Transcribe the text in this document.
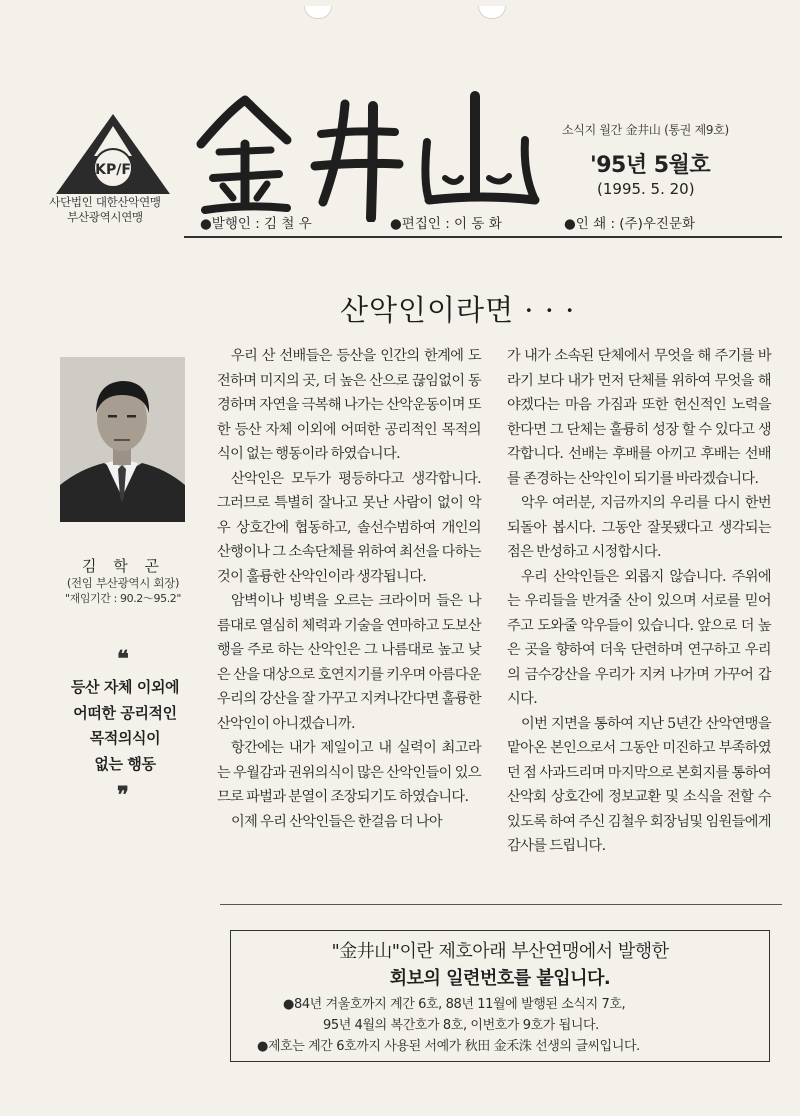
KP/F
사단법인 대한산악연맹
부산광역시연맹
소식지 월간 金井山 (통권 제9호)
'95년 5월호
(1995. 5. 20)
●발행인 : 김 철 우	●편집인 : 이 동 화	●인 쇄 : (주)우진문화
산악인이라면 · · ·
김 학 곤
(전임 부산광역시 회장)
"재임기간 : 90.2～95.2"
❝
등산 자체 이외에
어떠한 공리적인
목적의식이
없는 행동
❞

우리 산 선배들은 등산을 인간의 한계에 도전하며 미지의 곳, 더 높은 산으로 끊임없이 동경하며 자연을 극복해 나가는 산악운동이며 또한 등산 자체 이외에 어떠한 공리적인 목적의식이 없는 행동이라 하였습니다.

산악인은 모두가 평등하다고 생각합니다. 그러므로 특별히 잘나고 못난 사람이 없이 악우 상호간에 협동하고, 솔선수범하여 개인의 산행이나 그 소속단체를 위하여 최선을 다하는 것이 훌륭한 산악인이라 생각됩니다.

암벽이나 빙벽을 오르는 크라이머 들은 나름대로 열심히 체력과 기술을 연마하고 도보산행을 주로 하는 산악인은 그 나름대로 높고 낮은 산을 대상으로 호연지기를 키우며 아름다운 우리의 강산을 잘 가꾸고 지켜나간다면 훌륭한 산악인이 아니겠습니까.

항간에는 내가 제일이고 내 실력이 최고라는 우월감과 권위의식이 많은 산악인들이 있으므로 파벌과 분열이 조장되기도 하였습니다.

이제 우리 산악인들은 한걸음 더 나아

가 내가 소속된 단체에서 무엇을 해 주기를 바라기 보다 내가 먼저 단체를 위하여 무엇을 해야겠다는 마음 가짐과 또한 헌신적인 노력을 한다면 그 단체는 훌륭히 성장 할 수 있다고 생각합니다. 선배는 후배를 아끼고 후배는 선배를 존경하는 산악인이 되기를 바라겠습니다.

악우 여러분, 지금까지의 우리를 다시 한번 되돌아 봅시다. 그동안 잘못됐다고 생각되는 점은 반성하고 시정합시다.

우리 산악인들은 외롭지 않습니다. 주위에는 우리들을 반겨줄 산이 있으며 서로를 믿어주고 도와줄 악우들이 있습니다. 앞으로 더 높은 곳을 향하여 더욱 단련하며 연구하고 우리의 금수강산을 우리가 지켜 나가며 가꾸어 갑시다.

이번 지면을 통하여 지난 5년간 산악연맹을 맡아온 본인으로서 그동안 미진하고 부족하였던 점 사과드리며 마지막으로 본회지를 통하여 산악회 상호간에 정보교환 및 소식을 전할 수 있도록 하여 주신 김철우 회장님및 임원들에게 감사를 드립니다.

"金井山"이란 제호아래 부산연맹에서 발행한
회보의 일련번호를 붙입니다.
●84년 겨울호까지 계간 6호, 88년 11월에 발행된 소식지 7호,
95년 4월의 복간호가 8호, 이번호가 9호가 됩니다.
●제호는 계간 6호까지 사용된 서예가 秋田 金禾洙 선생의 글씨입니다.
